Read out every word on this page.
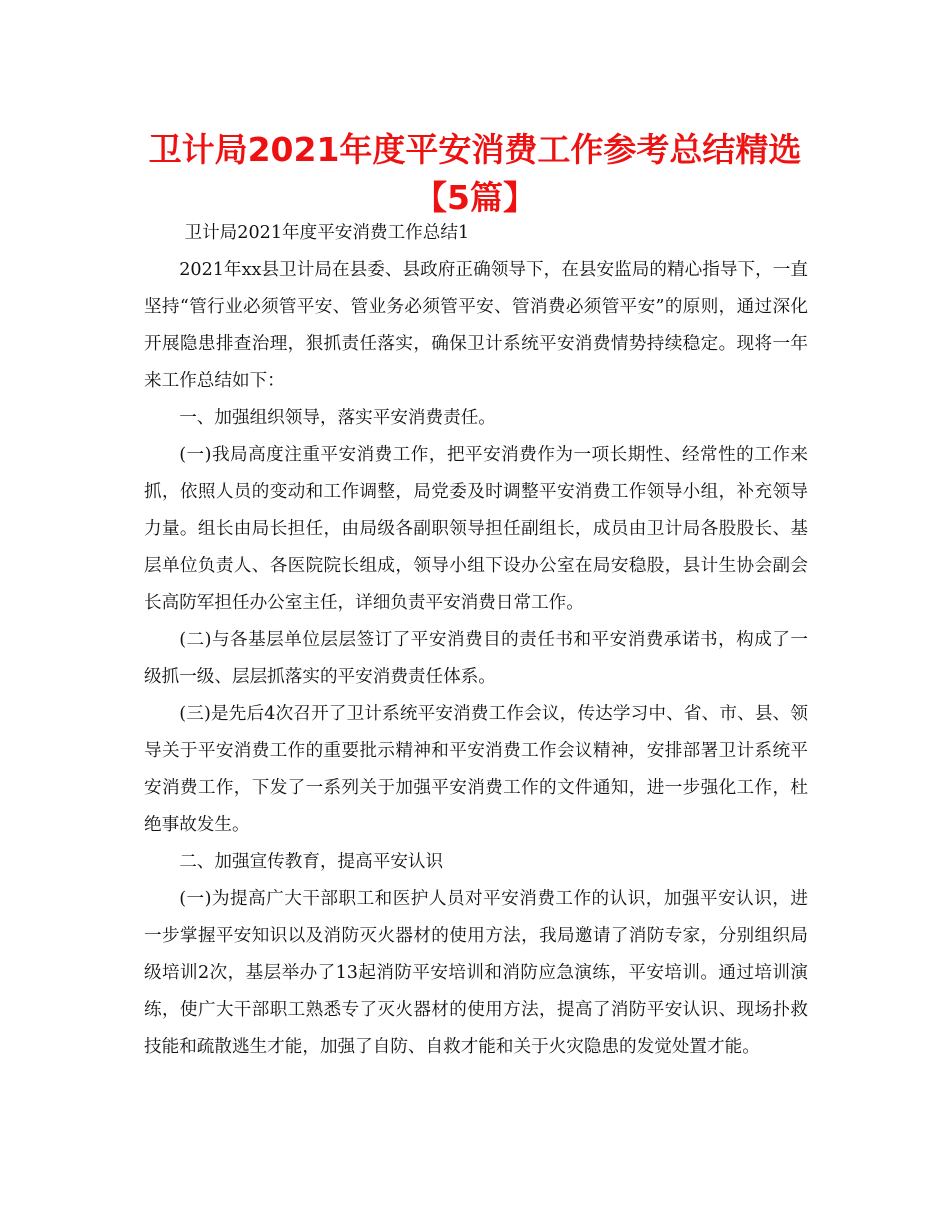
卫计局2021年度平安消费工作参考总结精选
【5篇】

卫计局2021年度平安消费工作总结1

2021年xx县卫计局在县委、县政府正确领导下，在县安监局的精心指导下，一直坚持“管行业必须管平安、管业务必须管平安、管消费必须管平安”的原则，通过深化开展隐患排查治理，狠抓责任落实，确保卫计系统平安消费情势持续稳定。现将一年来工作总结如下：

一、加强组织领导，落实平安消费责任。

(一)我局高度注重平安消费工作，把平安消费作为一项长期性、经常性的工作来抓，依照人员的变动和工作调整，局党委及时调整平安消费工作领导小组，补充领导力量。组长由局长担任，由局级各副职领导担任副组长，成员由卫计局各股股长、基层单位负责人、各医院院长组成，领导小组下设办公室在局安稳股，县计生协会副会长高防军担任办公室主任，详细负责平安消费日常工作。

(二)与各基层单位层层签订了平安消费目的责任书和平安消费承诺书，构成了一级抓一级、层层抓落实的平安消费责任体系。

(三)是先后4次召开了卫计系统平安消费工作会议，传达学习中、省、市、县、领导关于平安消费工作的重要批示精神和平安消费工作会议精神，安排部署卫计系统平安消费工作，下发了一系列关于加强平安消费工作的文件通知，进一步强化工作，杜绝事故发生。

二、加强宣传教育，提高平安认识

(一)为提高广大干部职工和医护人员对平安消费工作的认识，加强平安认识，进一步掌握平安知识以及消防灭火器材的使用方法，我局邀请了消防专家，分别组织局级培训2次，基层举办了13起消防平安培训和消防应急演练，平安培训。通过培训演练，使广大干部职工熟悉专了灭火器材的使用方法，提高了消防平安认识、现场扑救技能和疏散逃生才能，加强了自防、自救才能和关于火灾隐患的发觉处置才能。
